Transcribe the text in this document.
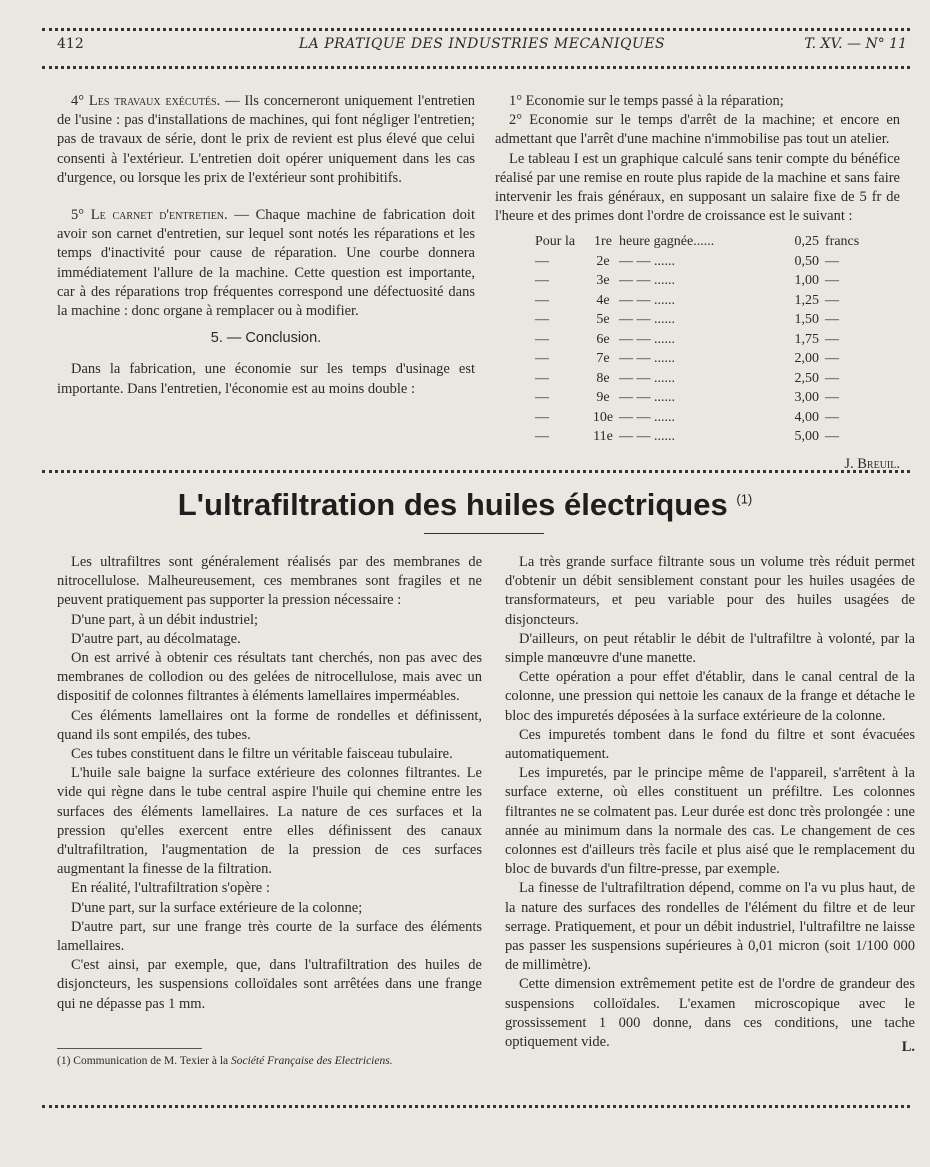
412	LA PRATIQUE DES INDUSTRIES MECANIQUES	T. XV. — N° 11

4° Les travaux exécutés. — Ils concerneront uniquement l'entretien de l'usine : pas d'installations de machines, qui font négliger l'entretien; pas de travaux de série, dont le prix de revient est plus élevé que celui consenti à l'extérieur. L'entretien doit opérer uniquement dans les cas d'urgence, ou lorsque les prix de l'extérieur sont prohibitifs.

5° Le carnet d'entretien. — Chaque machine de fabrication doit avoir son carnet d'entretien, sur lequel sont notés les réparations et les temps d'inactivité pour cause de réparation. Une courbe donnera immédiatement l'allure de la machine. Cette question est importante, car à des réparations trop fréquentes correspond une défectuosité dans la machine : donc organe à remplacer ou à modifier.

5. — Conclusion.

Dans la fabrication, une économie sur les temps d'usinage est importante. Dans l'entretien, l'économie est au moins double :

1° Economie sur le temps passé à la réparation;

2° Economie sur le temps d'arrêt de la machine; et encore en admettant que l'arrêt d'une machine n'immobilise pas tout un atelier.

Le tableau I est un graphique calculé sans tenir compte du bénéfice réalisé par une remise en route plus rapide de la machine et sans faire intervenir les frais généraux, en supposant un salaire fixe de 5 fr de l'heure et des primes dont l'ordre de croissance est le suivant :

Pour la	1re	heure gagnée......	0,25	francs
—	2e	— — ......	0,50	—
—	3e	— — ......	1,00	—
—	4e	— — ......	1,25	—
—	5e	— — ......	1,50	—
—	6e	— — ......	1,75	—
—	7e	— — ......	2,00	—
—	8e	— — ......	2,50	—
—	9e	— — ......	3,00	—
—	10e	— — ......	4,00	—
—	11e	— — ......	5,00	—
J. Breuil.
L'ultrafiltration des huiles électriques $^{(1)}$

Les ultrafiltres sont généralement réalisés par des membranes de nitrocellulose. Malheureusement, ces membranes sont fragiles et ne peuvent pratiquement pas supporter la pression nécessaire :

D'une part, à un débit industriel;

D'autre part, au décolmatage.

On est arrivé à obtenir ces résultats tant cherchés, non pas avec des membranes de collodion ou des gelées de nitrocellulose, mais avec un dispositif de colonnes filtrantes à éléments lamellaires imperméables.

Ces éléments lamellaires ont la forme de rondelles et définissent, quand ils sont empilés, des tubes.

Ces tubes constituent dans le filtre un véritable faisceau tubulaire.

L'huile sale baigne la surface extérieure des colonnes filtrantes. Le vide qui règne dans le tube central aspire l'huile qui chemine entre les surfaces des éléments lamellaires. La nature de ces surfaces et la pression qu'elles exercent entre elles définissent des canaux d'ultrafiltration, l'augmentation de la pression de ces surfaces augmentant la finesse de la filtration.

En réalité, l'ultrafiltration s'opère :

D'une part, sur la surface extérieure de la colonne;

D'autre part, sur une frange très courte de la surface des éléments lamellaires.

C'est ainsi, par exemple, que, dans l'ultrafiltration des huiles de disjoncteurs, les suspensions colloïdales sont arrêtées dans une frange qui ne dépasse pas 1 mm.

La très grande surface filtrante sous un volume très réduit permet d'obtenir un débit sensiblement constant pour les huiles usagées de transformateurs, et peu variable pour des huiles usagées de disjoncteurs.

D'ailleurs, on peut rétablir le débit de l'ultrafiltre à volonté, par la simple manœuvre d'une manette.

Cette opération a pour effet d'établir, dans le canal central de la colonne, une pression qui nettoie les canaux de la frange et détache le bloc des impuretés déposées à la surface extérieure de la colonne.

Ces impuretés tombent dans le fond du filtre et sont évacuées automatiquement.

Les impuretés, par le principe même de l'appareil, s'arrêtent à la surface externe, où elles constituent un préfiltre. Les colonnes filtrantes ne se colmatent pas. Leur durée est donc très prolongée : une année au minimum dans la normale des cas. Le changement de ces colonnes est d'ailleurs très facile et plus aisé que le remplacement du bloc de buvards d'un filtre-presse, par exemple.

La finesse de l'ultrafiltration dépend, comme on l'a vu plus haut, de la nature des surfaces des rondelles de l'élément du filtre et de leur serrage. Pratiquement, et pour un débit industriel, l'ultrafiltre ne laisse pas passer les suspensions supérieures à 0,01 micron (soit 1/100 000 de millimètre).

Cette dimension extrêmement petite est de l'ordre de grandeur des suspensions colloïdales. L'examen microscopique avec le grossissement 1 000 donne, dans ces conditions, une tache optiquement vide.	L.
(1) Communication de M. Texier à la Société Française des Electriciens.
